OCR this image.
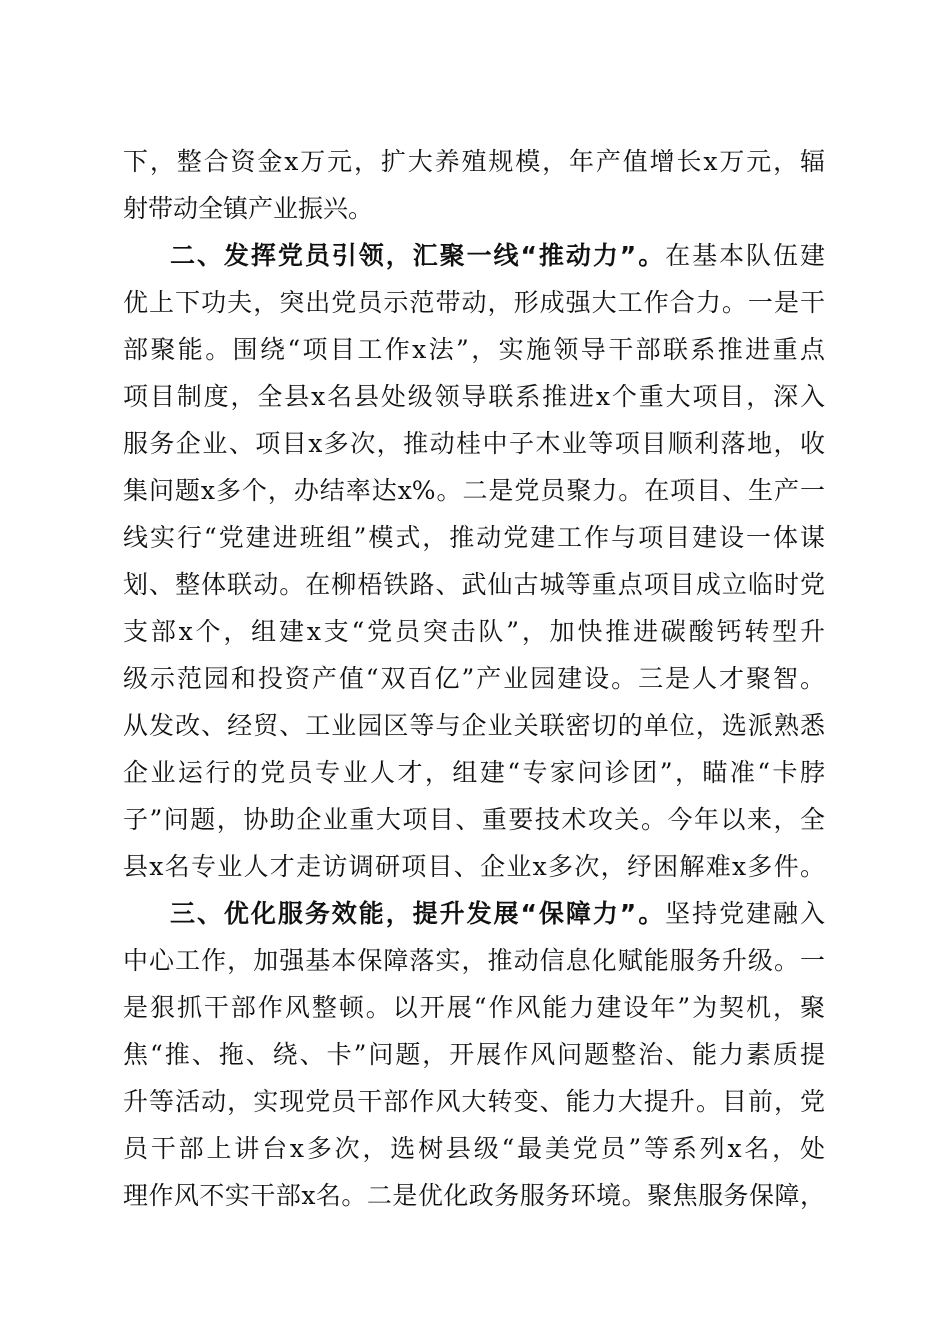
下，整合资金x万元，扩大养殖规模，年产值增长x万元，辐
射带动全镇产业振兴。
二、发挥党员引领，汇聚一线“推动力”。在基本队伍建
优上下功夫，突出党员示范带动，形成强大工作合力。一是干
部聚能。围绕“项目工作x法”，实施领导干部联系推进重点
项目制度，全县x名县处级领导联系推进x个重大项目，深入
服务企业、项目x多次，推动桂中子木业等项目顺利落地，收
集问题x多个，办结率达x%。二是党员聚力。在项目、生产一
线实行“党建进班组”模式，推动党建工作与项目建设一体谋
划、整体联动。在柳梧铁路、武仙古城等重点项目成立临时党
支部x个，组建x支“党员突击队”，加快推进碳酸钙转型升
级示范园和投资产值“双百亿”产业园建设。三是人才聚智。
从发改、经贸、工业园区等与企业关联密切的单位，选派熟悉
企业运行的党员专业人才，组建“专家问诊团”，瞄准“卡脖
子”问题，协助企业重大项目、重要技术攻关。今年以来，全
县x名专业人才走访调研项目、企业x多次，纾困解难x多件。
三、优化服务效能，提升发展“保障力”。坚持党建融入
中心工作，加强基本保障落实，推动信息化赋能服务升级。一
是狠抓干部作风整顿。以开展“作风能力建设年”为契机，聚
焦“推、拖、绕、卡”问题，开展作风问题整治、能力素质提
升等活动，实现党员干部作风大转变、能力大提升。目前，党
员干部上讲台x多次，选树县级“最美党员”等系列x名，处
理作风不实干部x名。二是优化政务服务环境。聚焦服务保障，
